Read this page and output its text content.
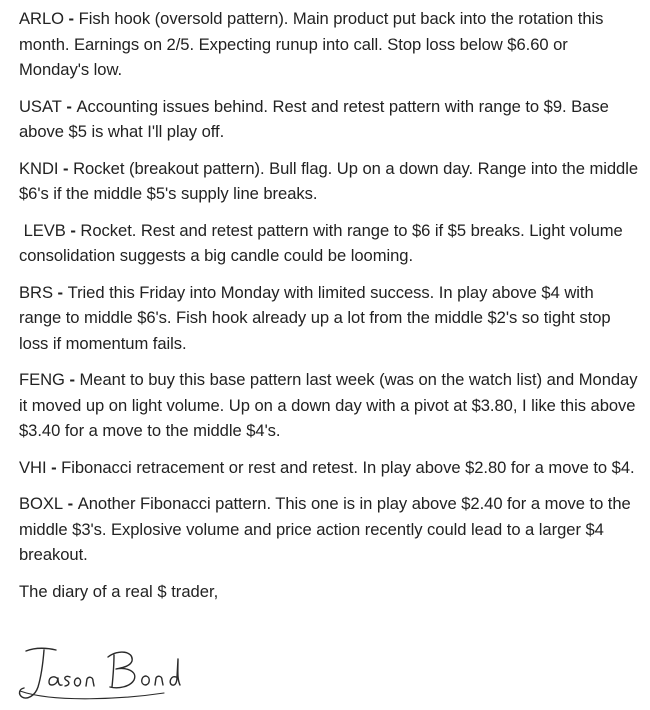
ARLO - Fish hook (oversold pattern). Main product put back into the rotation this month. Earnings on 2/5. Expecting runup into call. Stop loss below $6.60 or Monday's low.

USAT - Accounting issues behind. Rest and retest pattern with range to $9. Base above $5 is what I'll play off.

KNDI - Rocket (breakout pattern). Bull flag. Up on a down day. Range into the middle $6's if the middle $5's supply line breaks.

LEVB - Rocket. Rest and retest pattern with range to $6 if $5 breaks. Light volume consolidation suggests a big candle could be looming.

BRS - Tried this Friday into Monday with limited success. In play above $4 with range to middle $6's. Fish hook already up a lot from the middle $2's so tight stop loss if momentum fails.

FENG - Meant to buy this base pattern last week (was on the watch list) and Monday it moved up on light volume. Up on a down day with a pivot at $3.80, I like this above $3.40 for a move to the middle $4's.

VHI - Fibonacci retracement or rest and retest. In play above $2.80 for a move to $4.

BOXL - Another Fibonacci pattern. This one is in play above $2.40 for a move to the middle $3's. Explosive volume and price action recently could lead to a larger $4 breakout.

The diary of a real $ trader,
